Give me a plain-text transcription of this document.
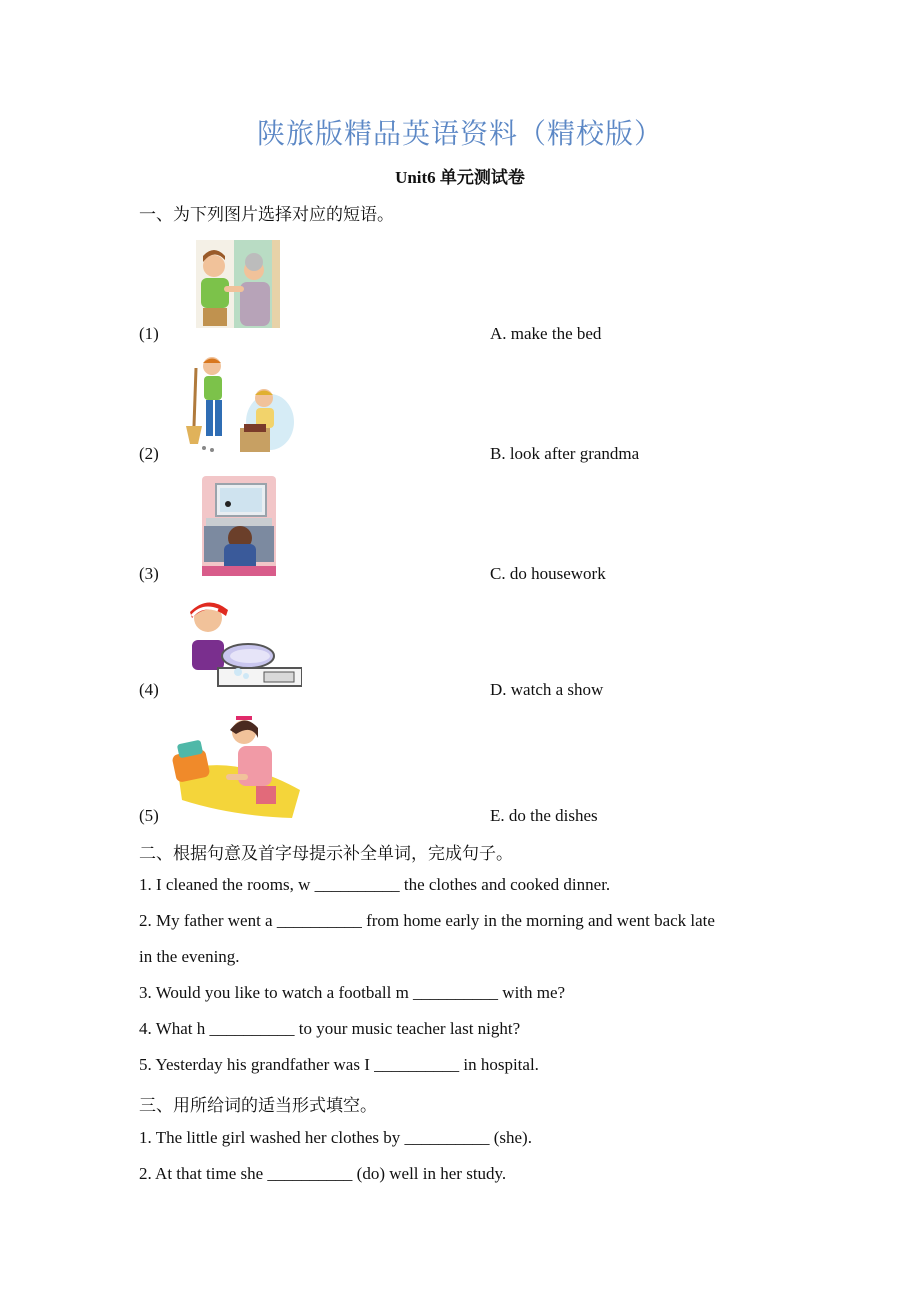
陕旅版精品英语资料（精校版）
Unit6 单元测试卷
一、为下列图片选择对应的短语。
(1)	A. make the bed
(2)	B. look after grandma
(3)	C. do housework
(4)	D. watch a show
(5)	E. do the dishes
二、根据句意及首字母提示补全单词，完成句子。
1. I cleaned the rooms, w __________ the clothes and cooked dinner.
2. My father went a __________ from home early in the morning and went back late
in the evening.
3. Would you like to watch a football m __________ with me?
4. What h __________ to your music teacher last night?
5. Yesterday his grandfather was I __________ in hospital.
三、用所给词的适当形式填空。
1. The little girl washed her clothes by __________ (she).
2. At that time she __________ (do) well in her study.
